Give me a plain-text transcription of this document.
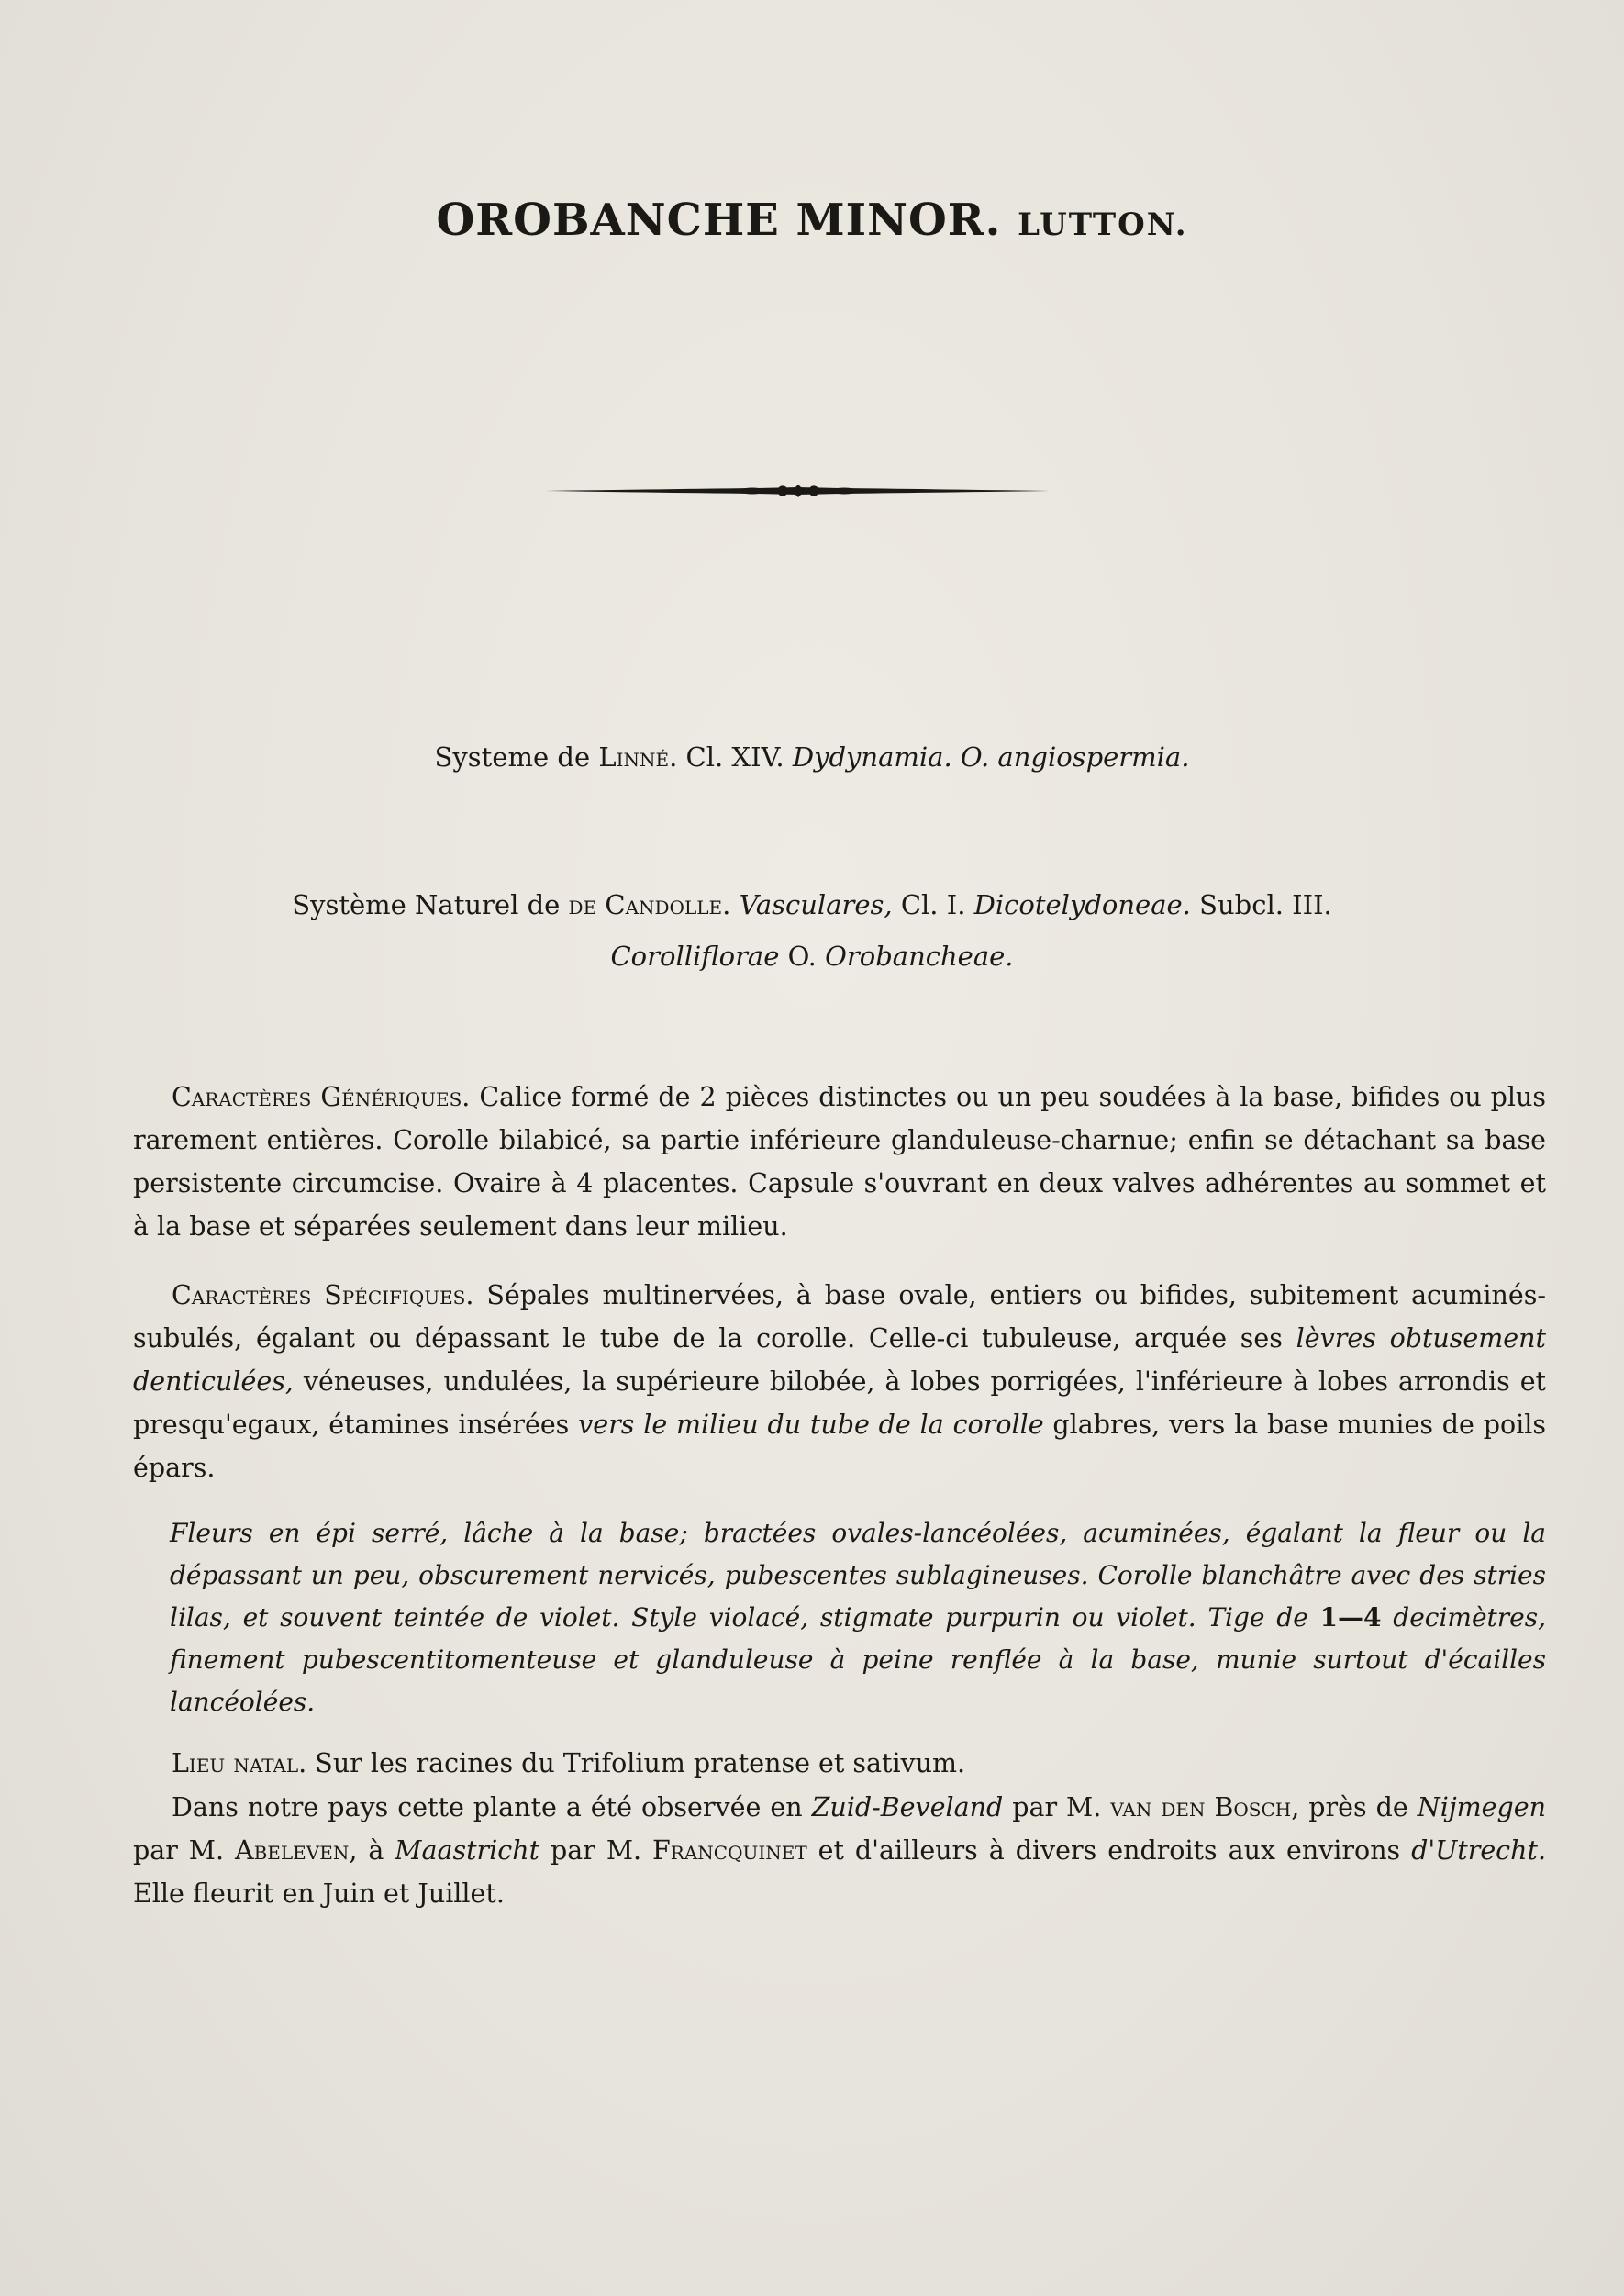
OROBANCHE MINOR. LUTTON.
Systeme de Linné. Cl. XIV. Dydynamia. O. angiospermia.
Système Naturel de de Candolle. Vasculares, Cl. I. Dicotelydoneae. Subcl. III.
Corolliflorae O. Orobancheae.
Caractères Génériques. Calice formé de 2 pièces distinctes ou un peu soudées à la base, bifides ou plus rarement entières. Corolle bilabicé, sa partie inférieure glanduleuse-charnue; enfin se détachant sa base persistente circumcise. Ovaire à 4 placentes. Capsule s'ouvrant en deux valves adhérentes au sommet et à la base et séparées seulement dans leur milieu.
Caractères Spécifiques. Sépales multinervées, à base ovale, entiers ou bifides, subitement acuminés-subulés, égalant ou dépassant le tube de la corolle. Celle-ci tubuleuse, arquée ses lèvres obtusement denticulées, véneuses, undulées, la supérieure bilobée, à lobes porrigées, l'inférieure à lobes arrondis et presqu'egaux, étamines insérées vers le milieu du tube de la corolle glabres, vers la base munies de poils épars.
Fleurs en épi serré, lâche à la base; bractées ovales-lancéolées, acuminées, égalant la fleur ou la dépassant un peu, obscurement nervicés, pubescentes sublagineuses. Corolle blanchâtre avec des stries lilas, et souvent teintée de violet. Style violacé, stigmate purpurin ou violet. Tige de 1—4 decimètres, finement pubescentitomenteuse et glanduleuse à peine renflée à la base, munie surtout d'écailles lancéolées.
Lieu natal. Sur les racines du Trifolium pratense et sativum.
Dans notre pays cette plante a été observée en Zuid-Beveland par M. van den Bosch, près de Nijmegen par M. Abeleven, à Maastricht par M. Francquinet et d'ailleurs à divers endroits aux environs d'Utrecht. Elle fleurit en Juin et Juillet.
